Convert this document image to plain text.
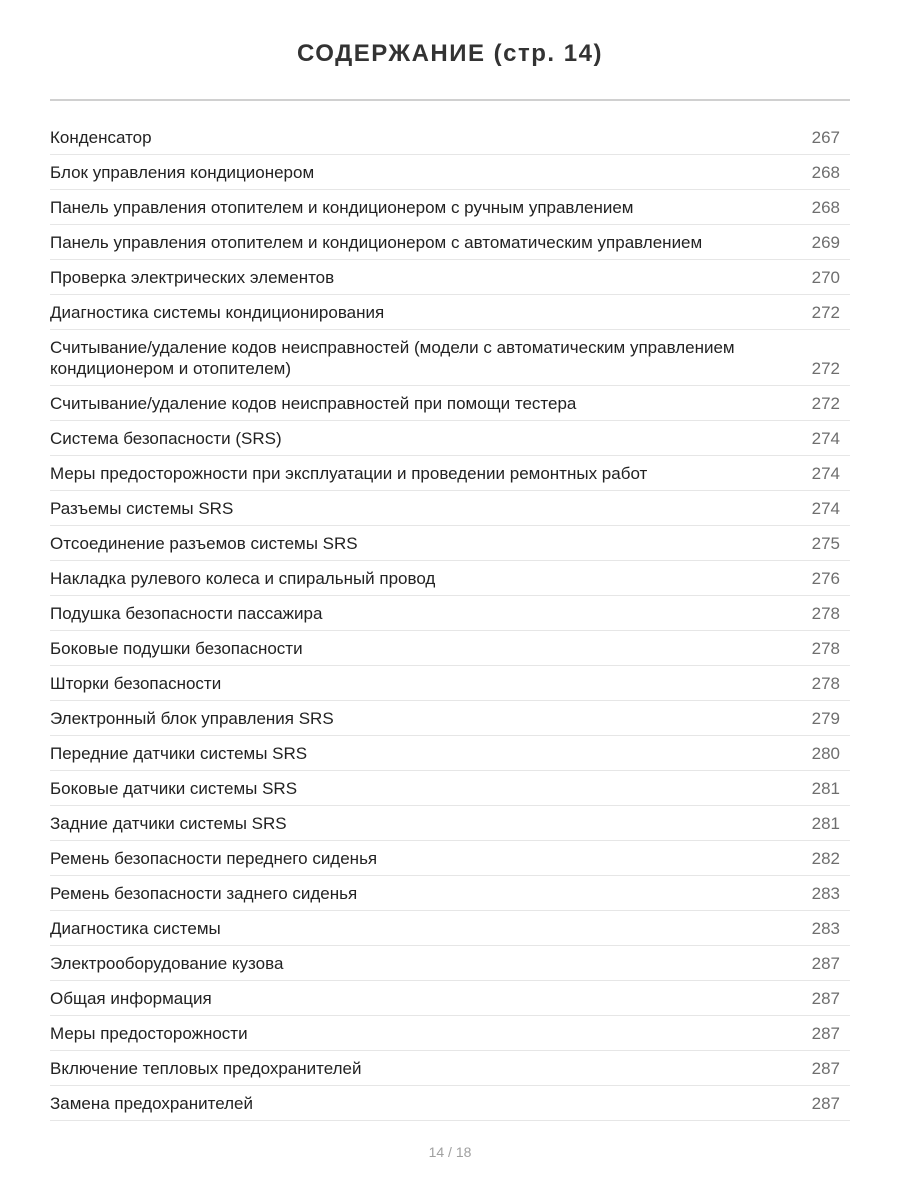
СОДЕРЖАНИЕ (стр. 14)
Конденсатор	267
Блок управления кондиционером	268
Панель управления отопителем и кондиционером с ручным управлением	268
Панель управления отопителем и кондиционером с автоматическим управлением	269
Проверка электрических элементов	270
Диагностика системы кондиционирования	272
Считывание/удаление кодов неисправностей (модели с автоматическим управлением кондиционером и отопителем)	272
Считывание/удаление кодов неисправностей при помощи тестера	272
Система безопасности (SRS)	274
Меры предосторожности при эксплуатации и проведении ремонтных работ	274
Разъемы системы SRS	274
Отсоединение разъемов системы SRS	275
Накладка рулевого колеса и спиральный провод	276
Подушка безопасности пассажира	278
Боковые подушки безопасности	278
Шторки безопасности	278
Электронный блок управления SRS	279
Передние датчики системы SRS	280
Боковые датчики системы SRS	281
Задние датчики системы SRS	281
Ремень безопасности переднего сиденья	282
Ремень безопасности заднего сиденья	283
Диагностика системы	283
Электрооборудование кузова	287
Общая информация	287
Меры предосторожности	287
Включение тепловых предохранителей	287
Замена предохранителей	287
14 / 18
